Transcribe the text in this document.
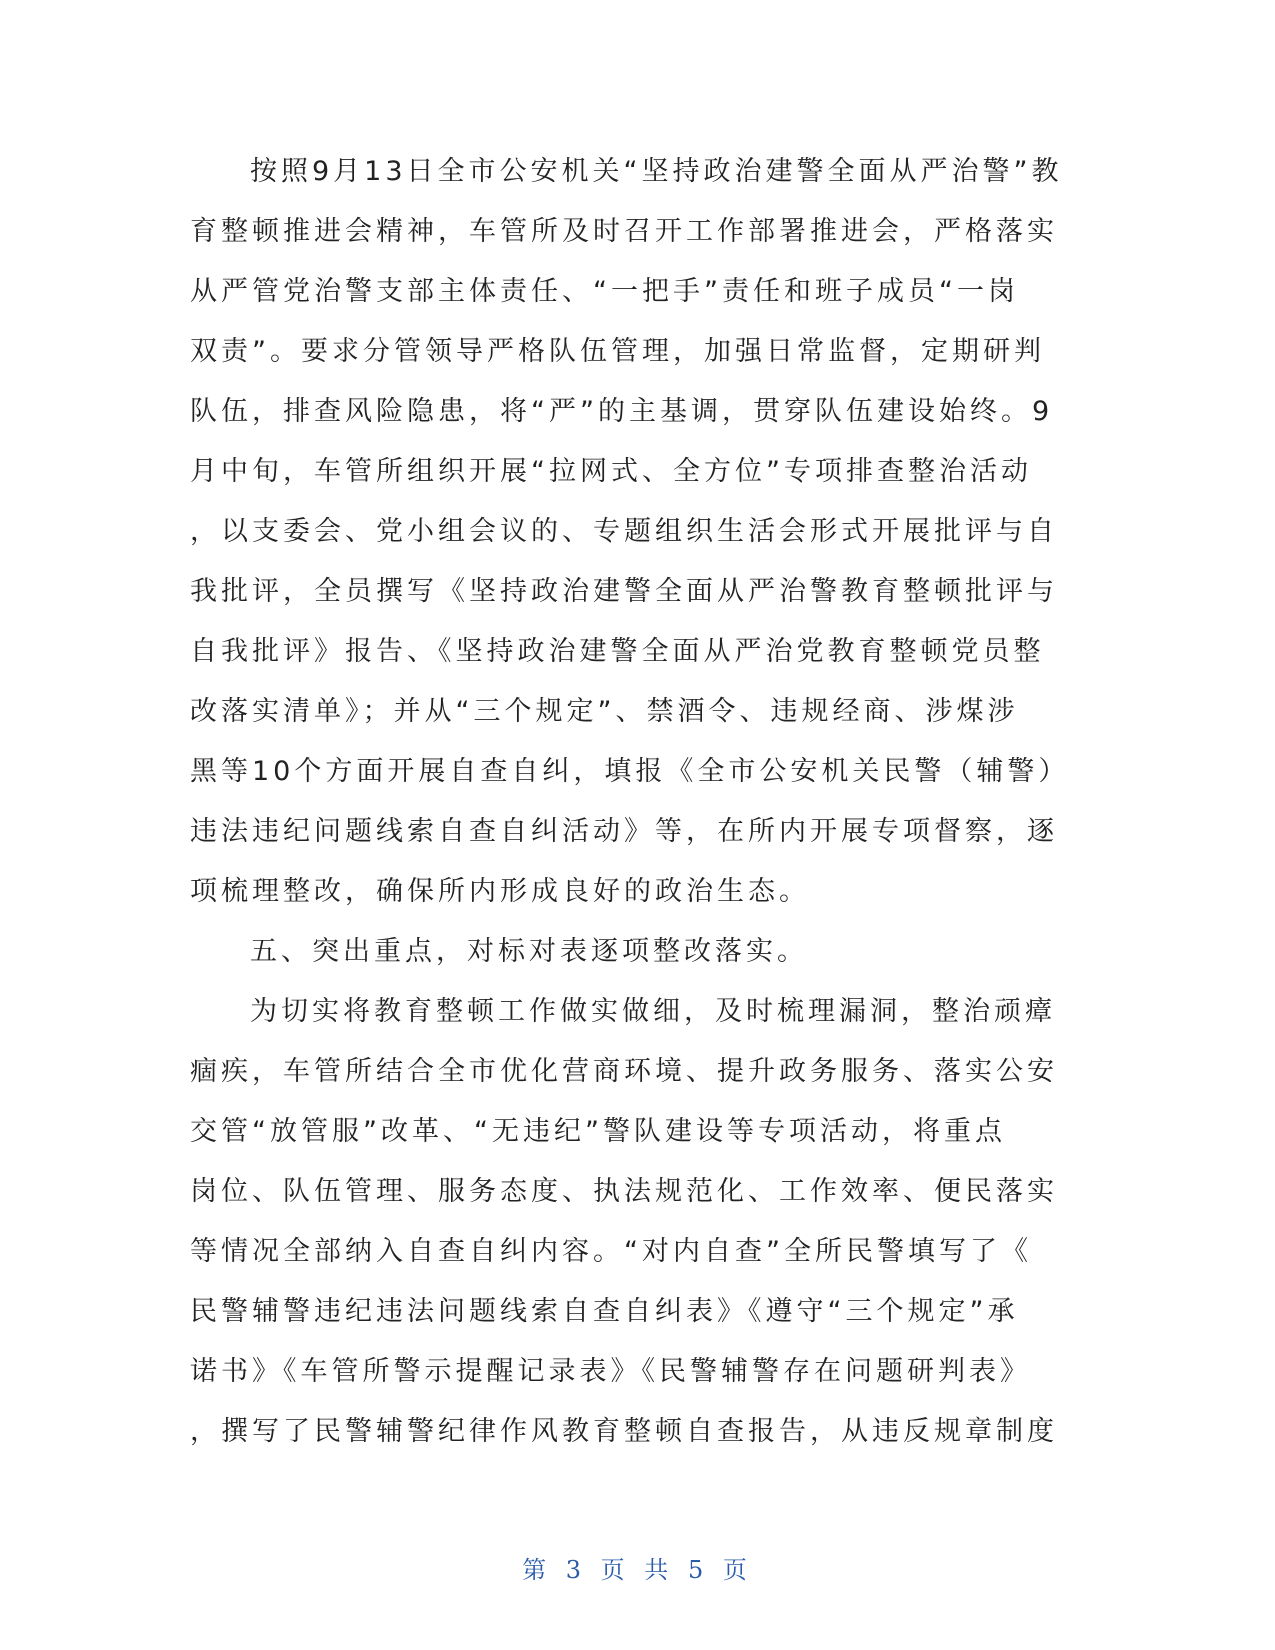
按照9月13日全市公安机关“坚持政治建警全面从严治警”教
育整顿推进会精神，车管所及时召开工作部署推进会，严格落实
从严管党治警支部主体责任、“一把手”责任和班子成员“一岗
双责”。要求分管领导严格队伍管理，加强日常监督，定期研判
队伍，排查风险隐患，将“严”的主基调，贯穿队伍建设始终。9
月中旬，车管所组织开展“拉网式、全方位”专项排查整治活动
，以支委会、党小组会议的、专题组织生活会形式开展批评与自
我批评，全员撰写《坚持政治建警全面从严治警教育整顿批评与
自我批评》报告、《坚持政治建警全面从严治党教育整顿党员整
改落实清单》；并从“三个规定”、禁酒令、违规经商、涉煤涉
黑等10个方面开展自查自纠，填报《全市公安机关民警（辅警）
违法违纪问题线索自查自纠活动》等，在所内开展专项督察，逐
项梳理整改，确保所内形成良好的政治生态。
五、突出重点，对标对表逐项整改落实。
为切实将教育整顿工作做实做细，及时梳理漏洞，整治顽瘴
痼疾，车管所结合全市优化营商环境、提升政务服务、落实公安
交管“放管服”改革、“无违纪”警队建设等专项活动，将重点
岗位、队伍管理、服务态度、执法规范化、工作效率、便民落实
等情况全部纳入自查自纠内容。“对内自查”全所民警填写了《
民警辅警违纪违法问题线索自查自纠表》《遵守“三个规定”承
诺书》《车管所警示提醒记录表》《民警辅警存在问题研判表》
，撰写了民警辅警纪律作风教育整顿自查报告，从违反规章制度
第 3 页 共 5 页
